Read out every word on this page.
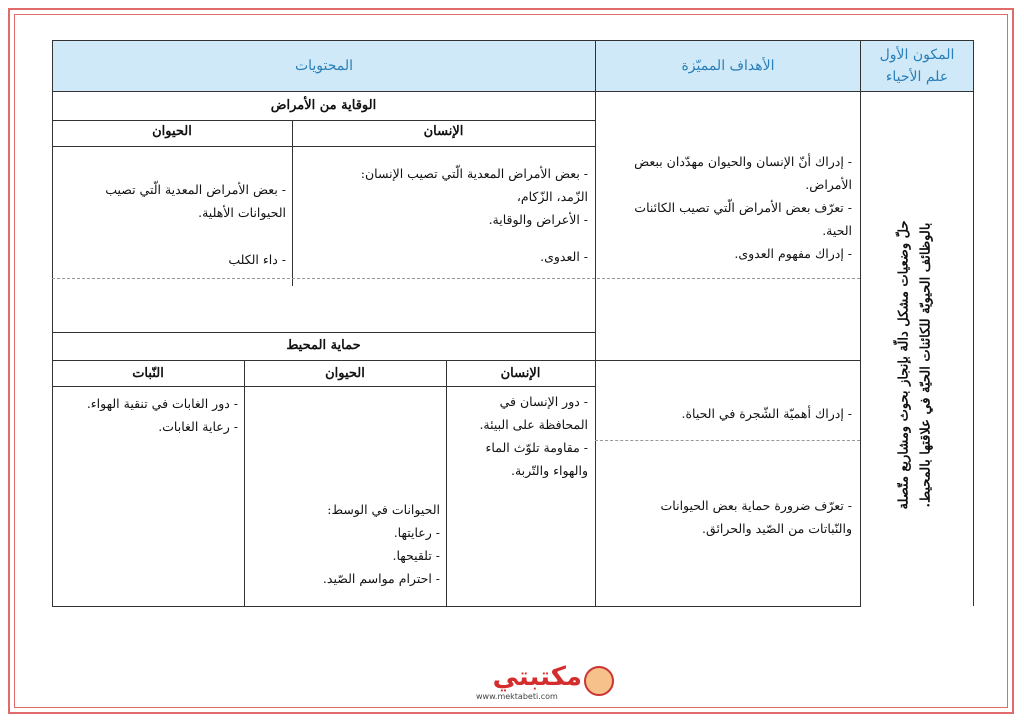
المحتويات	الأهداف المميّزة
المكون الأول
علم الأحياء
الوقاية من الأمراض
الإنسان
الحيوان

- إدراك أنّ الإنسان والحيوان مهدّدان ببعض

الأمراض.

- تعرّف بعض الأمراض الّتي تصيب الكائنات

الحية.

- إدراك مفهوم العدوى.

- بعض الأمراض المعدية الّتي تصيب الإنسان:

الزّمد، الزّكام،

- الأعراض والوقاية.

- العدوى.

- بعض الأمراض المعدية الّتي تصيب

الحيوانات الأهلية.

- داء الكلب

حماية المحيط
الإنسان
الحيوان
النّبات

- إدراك أهميّة الشّجرة في الحياة.

- تعرّف ضرورة حماية بعض الحيوانات

والنّباتات من الصّيد والحرائق.

- دور الإنسان في

المحافظة على البيئة.

- مقاومة تلوّث الماء

والهواء والتّربة.

الحيوانات في الوسط:

- رعايتها.

- تلقيحها.

- احترام مواسم الصّيد.

- دور الغابات في تنقية الهواء.

- رعاية الغابات.	حلّ وضعيات مشكل دالّة بإنجاز بحوث ومشاريع متّصلة بالوظائف الحيويّة للكائنات الحيّة في علاقتها بالمحيط.
مكتبتي
www.mektabeti.com
